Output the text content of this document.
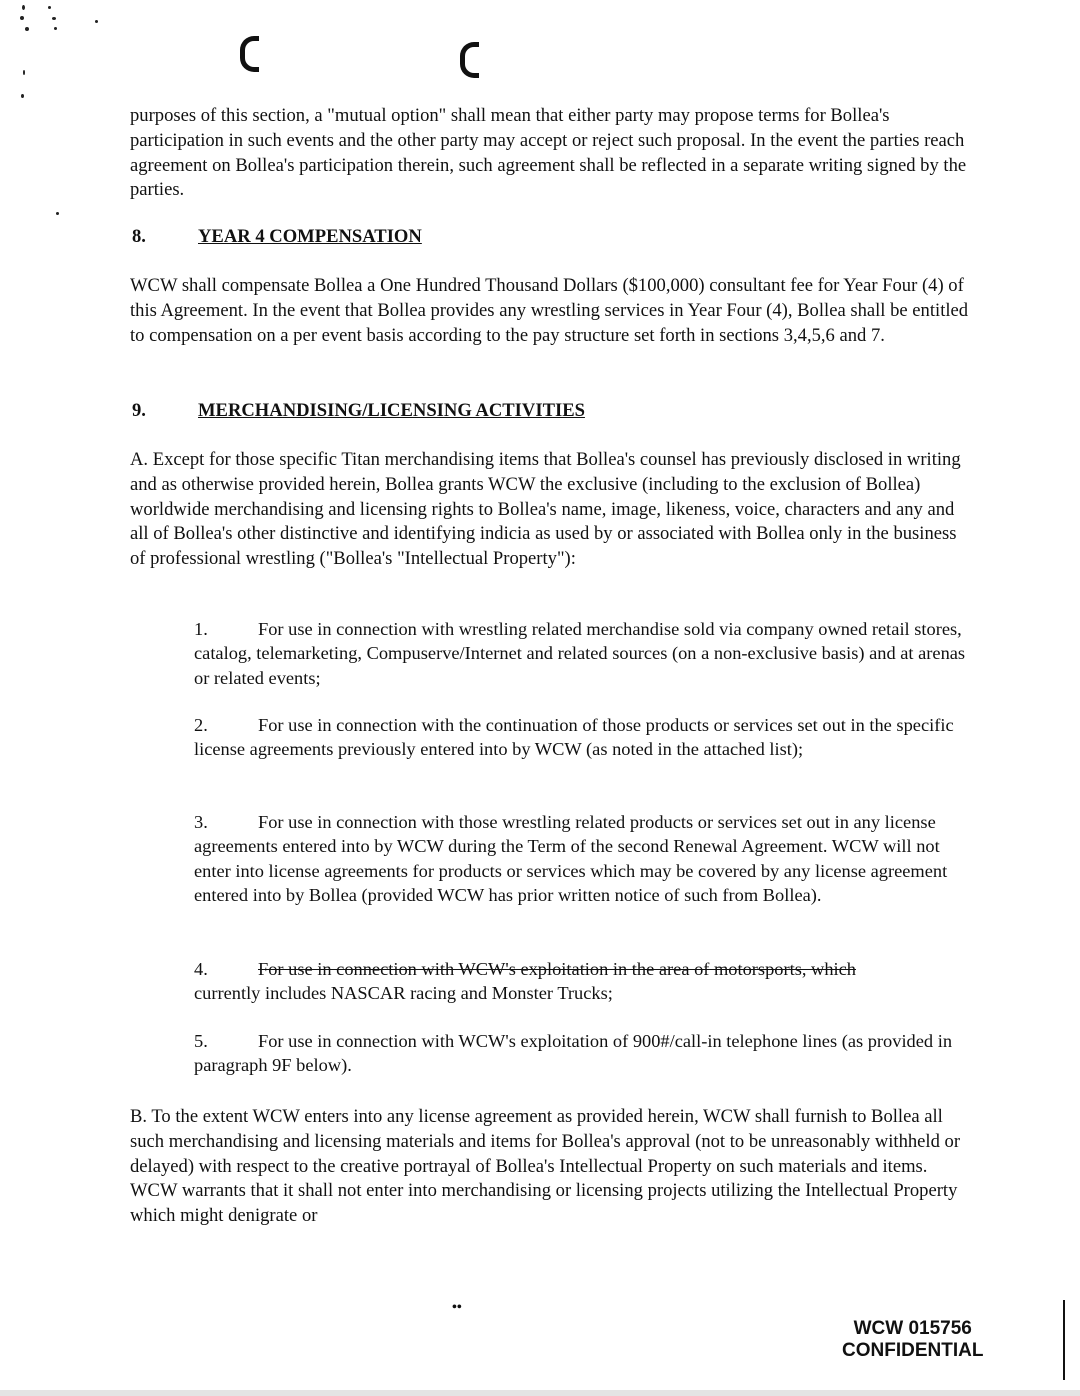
purposes of this section, a "mutual option" shall mean that either party may propose terms for Bollea's participation in such events and the other party may accept or reject such proposal. In the event the parties reach agreement on Bollea's participation therein, such agreement shall be reflected in a separate writing signed by the parties.
8.	YEAR 4 COMPENSATION
WCW shall compensate Bollea a One Hundred Thousand Dollars ($100,000) consultant fee for Year Four (4) of this Agreement. In the event that Bollea provides any wrestling services in Year Four (4), Bollea shall be entitled to compensation on a per event basis according to the pay structure set forth in sections 3,4,5,6 and 7.
9.	MERCHANDISING/LICENSING ACTIVITIES
A. Except for those specific Titan merchandising items that Bollea's counsel has previously disclosed in writing and as otherwise provided herein, Bollea grants WCW the exclusive (including to the exclusion of Bollea) worldwide merchandising and licensing rights to Bollea's name, image, likeness, voice, characters and any and all of Bollea's other distinctive and identifying indicia as used by or associated with Bollea only in the business of professional wrestling ("Bollea's "Intellectual Property"):
1.	For use in connection with wrestling related merchandise sold via company owned retail stores, catalog, telemarketing, Compuserve/Internet and related sources (on a non-exclusive basis) and at arenas or related events;
2.	For use in connection with the continuation of those products or services set out in the specific license agreements previously entered into by WCW (as noted in the attached list);
3.	For use in connection with those wrestling related products or services set out in any license agreements entered into by WCW during the Term of the second Renewal Agreement. WCW will not enter into license agreements for products or services which may be covered by any license agreement entered into by Bollea (provided WCW has prior written notice of such from Bollea).
4.	For use in connection with WCW's exploitation in the area of motorsports, which
currently includes NASCAR racing and Monster Trucks;
5.	For use in connection with WCW's exploitation of 900#/call-in telephone lines (as provided in paragraph 9F below).
B. To the extent WCW enters into any license agreement as provided herein, WCW shall furnish to Bollea all such merchandising and licensing materials and items for Bollea's approval (not to be unreasonably withheld or delayed) with respect to the creative portrayal of Bollea's Intellectual Property on such materials and items. WCW warrants that it shall not enter into merchandising or licensing projects utilizing the Intellectual Property which might denigrate or
••
WCW 015756
CONFIDENTIAL
